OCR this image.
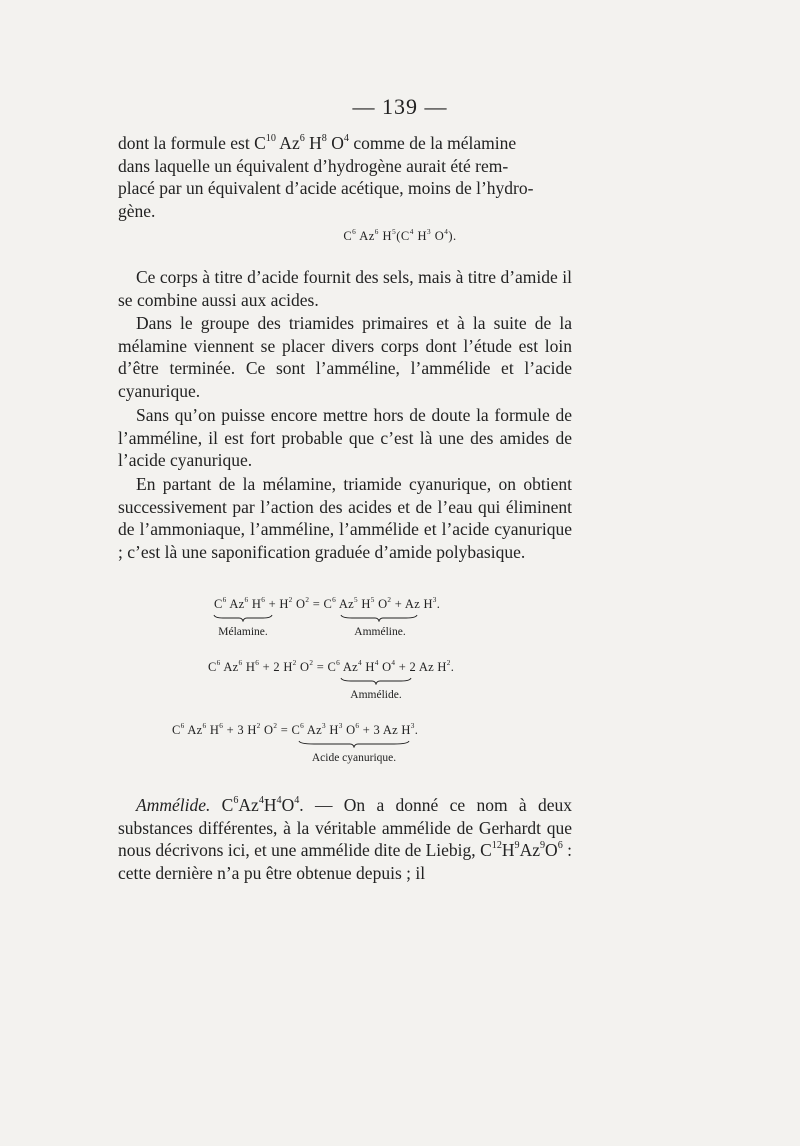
— 139 —

dont la formule est $C^{10}$ Az$^6$ $H^8$ $O^4$ comme de la mélamine

dans laquelle un équivalent d’hydrogène aurait été rem-

placé par un équivalent d’acide acétique, moins de l’hydro-

gène.

$C^6$ Az$^6$ $H^5(C^4$ $H^3$ $O^4$).

Ce corps à titre d’acide fournit des sels, mais à titre d’amide il se combine aussi aux acides.

Dans le groupe des triamides primaires et à la suite de la mélamine viennent se placer divers corps dont l’étude est loin d’être terminée. Ce sont l’amméline, l’ammélide et l’acide cyanurique.

Sans qu’on puisse encore mettre hors de doute la formule de l’amméline, il est fort probable que c’est là une des amides de l’acide cyanurique.

En partant de la mélamine, triamide cyanurique, on obtient successivement par l’action des acides et de l’eau qui éliminent de l’ammoniaque, l’amméline, l’ammélide et l’acide cyanurique ; c’est là une saponification graduée d’amide polybasique.

$C^6$ Az$^6$ $H^6 + H^2$ $O^2 = C^6$ Az$^5$ $H^5$ $O^2 + Az$ $H^3$.
Mélamine.	Amméline.
$C^6$ Az$^6$ $H^6 + 2$ $H^2$ $O^2 = C^6$ Az$^4$ $H^4$ $O^4 + 2$ Az $H^2$.
Ammélide.
$C^6$ Az$^6$ $H^6 + 3$ $H^2$ $O^2 = C^6$ Az$^3$ $H^3$ $O^6 + 3$ Az $H^3$.
Acide cyanurique.

Ammélide. $C^6Az^4H^4O^4$. — On a donné ce nom à deux substances différentes, à la véritable ammélide de Gerhardt que nous décrivons ici, et une ammélide dite de Liebig, $C^{12}H^9Az^9O^6$ : cette dernière n’a pu être obtenue depuis ; il
